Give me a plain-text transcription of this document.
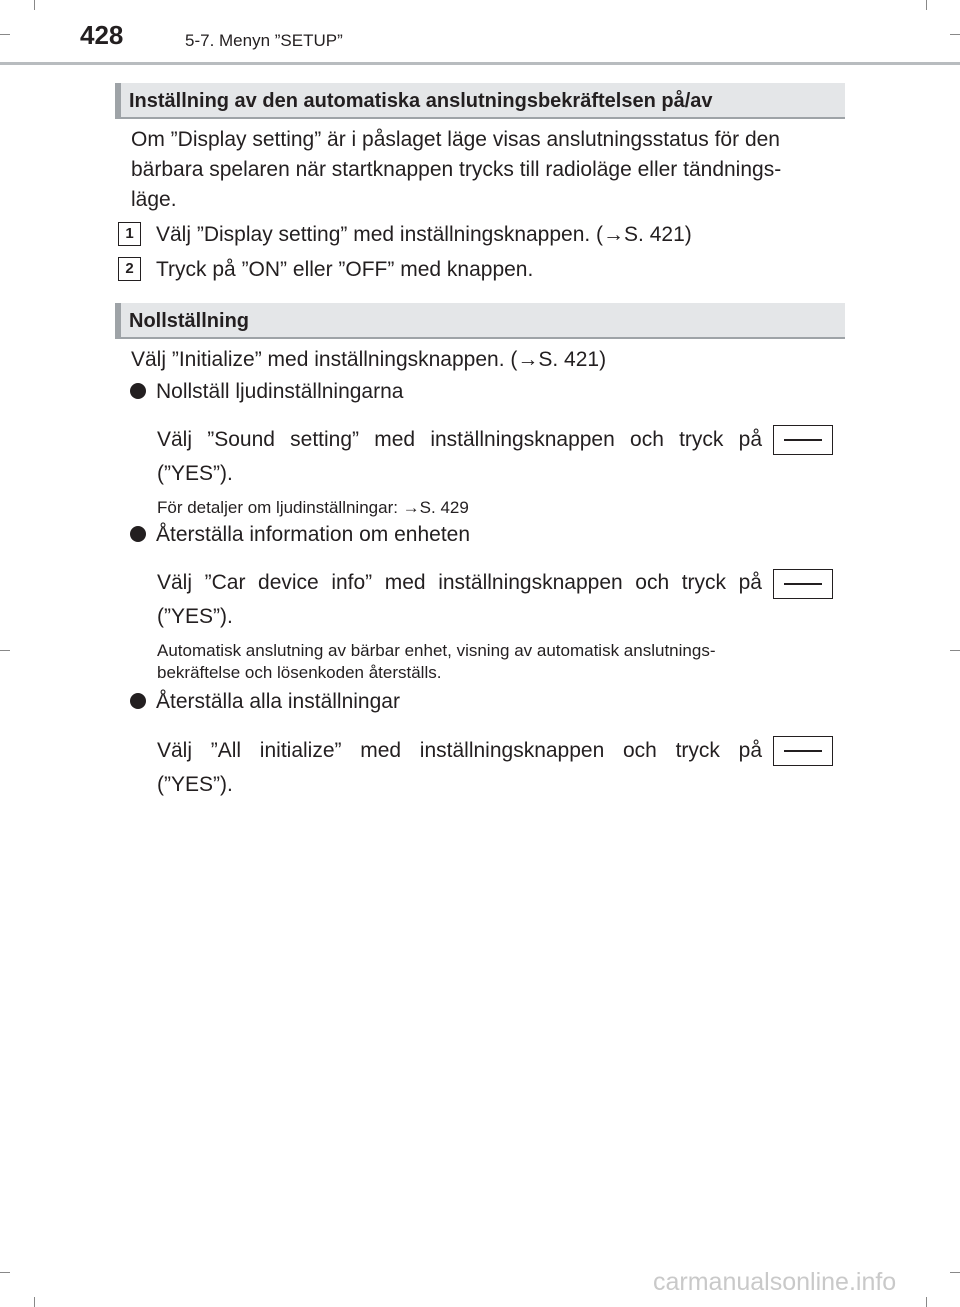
428	5-7. Menyn ”SETUP”
Inställning av den automatiska anslutningsbekräftelsen på/av
Om ”Display setting” är i påslaget läge visas anslutningsstatus för den
bärbara spelaren när startknappen trycks till radioläge eller tändnings-
läge.
1	Välj ”Display setting” med inställningsknappen. (→S. 421)
2	Tryck på ”ON” eller ”OFF” med knappen.
Nollställning
Välj ”Initialize” med inställningsknappen. (→S. 421)
Nollställ ljudinställningarna
Välj ”Sound setting” med inställningsknappen och tryck på
(”YES”).
För detaljer om ljudinställningar: →S. 429
Återställa information om enheten
Välj ”Car device info” med inställningsknappen och tryck på
(”YES”).
Automatisk anslutning av bärbar enhet, visning av automatisk anslutnings-
bekräftelse och lösenkoden återställs.
Återställa alla inställningar
Välj ”All initialize” med inställningsknappen och tryck på
(”YES”).
carmanualsonline.info
